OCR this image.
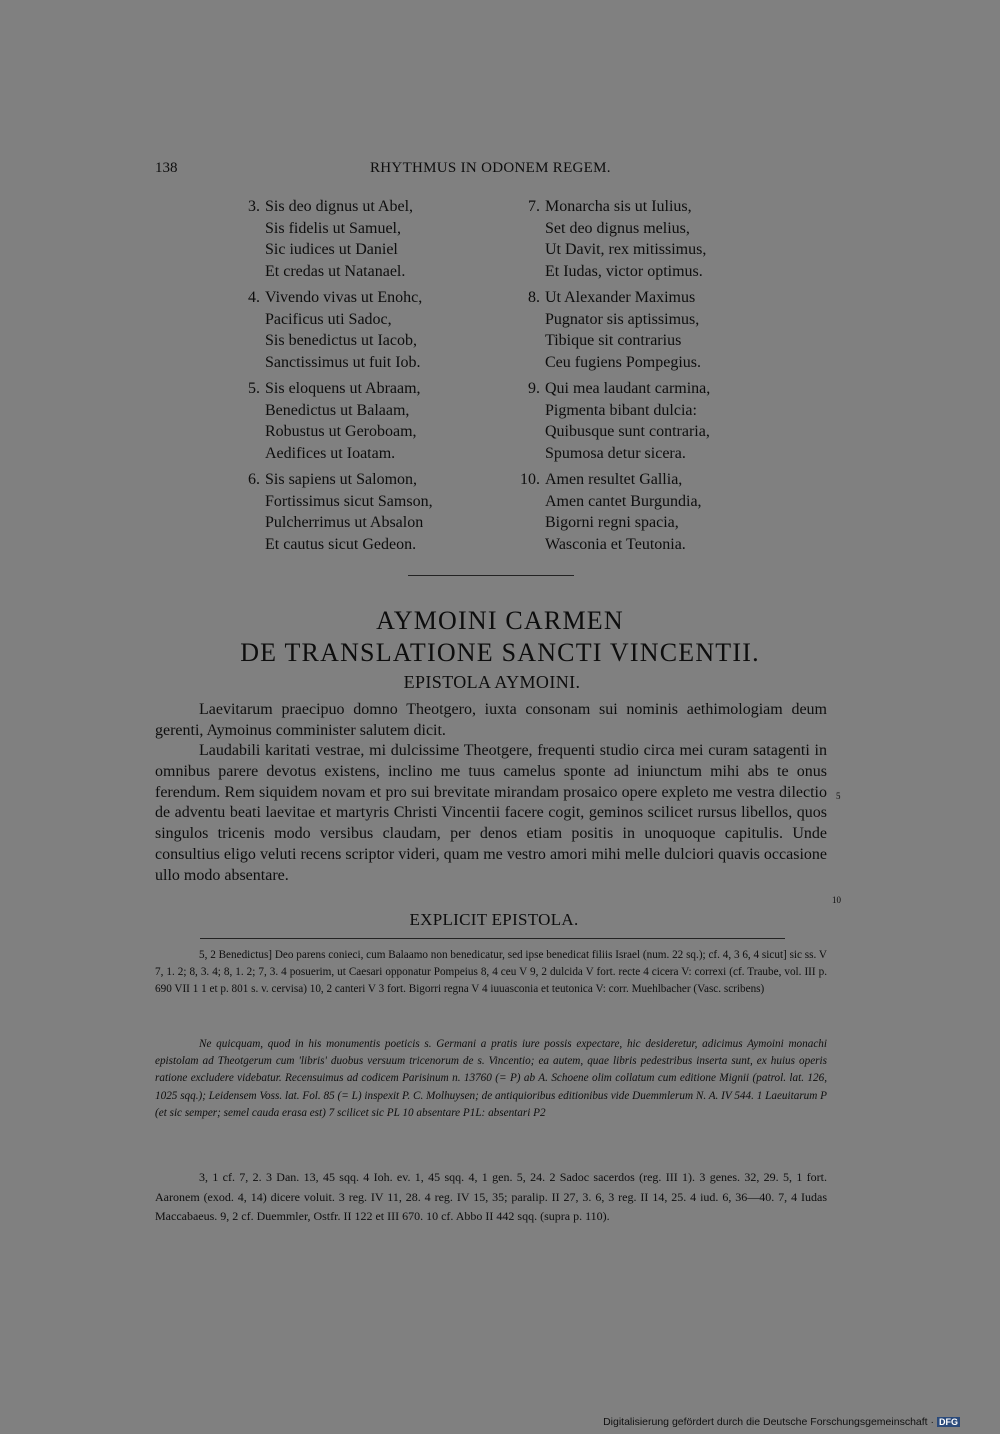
138	RHYTHMUS IN ODONEM REGEM.
3. Sis deo dignus ut Abel,
Sis fidelis ut Samuel,
Sic iudices ut Daniel
Et credas ut Natanael.
4. Vivendo vivas ut Enohc,
Pacificus uti Sadoc,
Sis benedictus ut Iacob,
Sanctissimus ut fuit Iob.
5. Sis eloquens ut Abraam,
Benedictus ut Balaam,
Robustus ut Geroboam,
Aedifices ut Ioatam.
6. Sis sapiens ut Salomon,
Fortissimus sicut Samson,
Pulcherrimus ut Absalon
Et cautus sicut Gedeon.
7. Monarcha sis ut Iulius,
Set deo dignus melius,
Ut Davit, rex mitissimus,
Et Iudas, victor optimus.
8. Ut Alexander Maximus
Pugnator sis aptissimus,
Tibique sit contrarius
Ceu fugiens Pompegius.
9. Qui mea laudant carmina,
Pigmenta bibant dulcia:
Quibusque sunt contraria,
Spumosa detur sicera.
10. Amen resultet Gallia,
Amen cantet Burgundia,
Bigorni regni spacia,
Wasconia et Teutonia.
AYMOINI CARMEN
DE TRANSLATIONE SANCTI VINCENTII.
EPISTOLA AYMOINI.

Laevitarum praecipuo domno Theotgero, iuxta consonam sui nominis aethimologiam deum gerenti, Aymoinus comminister salutem dicit.

Laudabili karitati vestrae, mi dulcissime Theotgere, frequenti studio circa mei curam satagenti in omnibus parere devotus existens, inclino me tuus camelus sponte ad iniunctum mihi abs te onus ferendum. Rem siquidem novam et pro sui brevitate mirandam prosaico opere expleto me vestra dilectio de adventu beati laevitae et martyris Christi Vincentii facere cogit, geminos scilicet rursus libellos, quos singulos tricenis modo versibus claudam, per denos etiam positis in unoquoque capitulis. Unde consultius eligo veluti recens scriptor videri, quam me vestro amori mihi melle dulciori quavis occasione ullo modo absentare.

5
10
EXPLICIT EPISTOLA.

5, 2 Benedictus] Deo parens conieci, cum Balaamo non benedicatur, sed ipse benedicat filiis Israel (num. 22 sq.); cf. 4, 3 6, 4 sicut] sic ss. V 7, 1. 2; 8, 3. 4; 8, 1. 2; 7, 3. 4 posuerim, ut Caesari opponatur Pompeius 8, 4 ceu V 9, 2 dulcida V fort. recte 4 cicera V: correxi (cf. Traube, vol. III p. 690 VII 1 1 et p. 801 s. v. cervisa) 10, 2 canteri V 3 fort. Bigorri regna V 4 iuuasconia et teutonica V: corr. Muehlbacher (Vasc. scribens)

Ne quicquam, quod in his monumentis poeticis s. Germani a pratis iure possis expectare, hic desideretur, adicimus Aymoini monachi epistolam ad Theotgerum cum 'libris' duobus versuum tricenorum de s. Vincentio; ea autem, quae libris pedestribus inserta sunt, ex huius operis ratione excludere videbatur. Recensuimus ad codicem Parisinum n. 13760 (= P) ab A. Schoene olim collatum cum editione Mignii (patrol. lat. 126, 1025 sqq.); Leidensem Voss. lat. Fol. 85 (= L) inspexit P. C. Molhuysen; de antiquioribus editionibus vide Duemmlerum N. A. IV 544. 1 Laeuitarum P (et sic semper; semel cauda erasa est) 7 scilicet sic PL 10 absentare P1L: absentari P2

3, 1 cf. 7, 2. 3 Dan. 13, 45 sqq. 4 Ioh. ev. 1, 45 sqq. 4, 1 gen. 5, 24. 2 Sadoc sacerdos (reg. III 1). 3 genes. 32, 29. 5, 1 fort. Aaronem (exod. 4, 14) dicere voluit. 3 reg. IV 11, 28. 4 reg. IV 15, 35; paralip. II 27, 3. 6, 3 reg. II 14, 25. 4 iud. 6, 36—40. 7, 4 Iudas Maccabaeus. 9, 2 cf. Duemmler, Ostfr. II 122 et III 670. 10 cf. Abbo II 442 sqq. (supra p. 110).

Digitalisierung gefördert durch die Deutsche Forschungsgemeinschaft · DFG
